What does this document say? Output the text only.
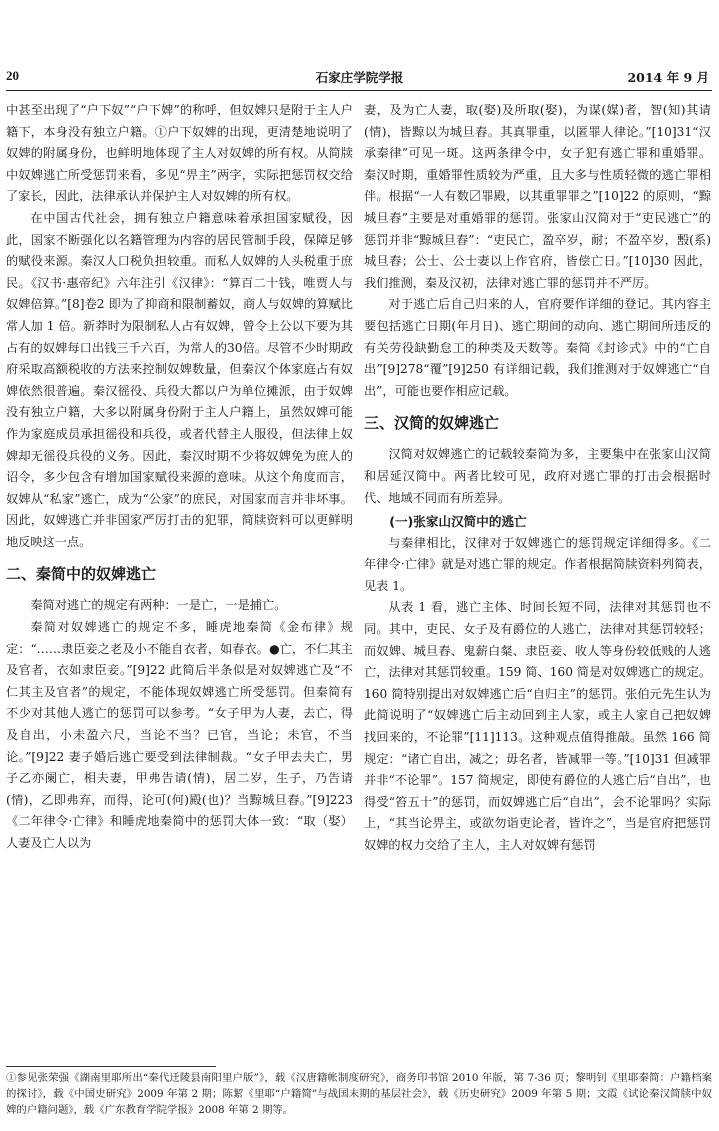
20	石家庄学院学报	2014 年 9 月

中甚至出现了“户下奴”“户下婢”的称呼，但奴婢只是附于主人户籍下，本身没有独立户籍。①户下奴婢的出现，更清楚地说明了奴婢的附属身份，也鲜明地体现了主人对奴婢的所有权。从简牍中奴婢逃亡所受惩罚来看，多见“畀主”两字，实际把惩罚权交给了家长，因此，法律承认并保护主人对奴婢的所有权。

在中国古代社会，拥有独立户籍意味着承担国家赋役，因此，国家不断强化以名籍管理为内容的居民管制手段，保障足够的赋役来源。秦汉人口税负担较重。而私人奴婢的人头税重于庶民。《汉书·惠帝纪》六年注引《汉律》：“算百二十钱，唯贾人与奴婢倍算。”[8]卷2 即为了抑商和限制蓄奴，商人与奴婢的算赋比常人加 1 倍。新莽时为限制私人占有奴婢，曾令上公以下要为其占有的奴婢每口出钱三千六百，为常人的30倍。尽管不少时期政府采取高额税收的方法来控制奴婢数量，但秦汉个体家庭占有奴婢依然很普遍。秦汉徭役、兵役大都以户为单位摊派，由于奴婢没有独立户籍，大多以附属身份附于主人户籍上，虽然奴婢可能作为家庭成员承担徭役和兵役，或者代替主人服役，但法律上奴婢却无徭役兵役的义务。因此，秦汉时期不少将奴婢免为庶人的诏令，多少包含有增加国家赋役来源的意味。从这个角度而言，奴婢从“私家”逃亡，成为“公家”的庶民，对国家而言并非坏事。因此，奴婢逃亡并非国家严厉打击的犯罪，简牍资料可以更鲜明地反映这一点。

二、秦简中的奴婢逃亡

秦简对逃亡的规定有两种：一是亡，一是捕亡。

秦简对奴婢逃亡的规定不多，睡虎地秦简《金布律》规定：“……隶臣妾之老及小不能自衣者，如春衣。●亡，不仁其主及官者，衣如隶臣妾。”[9]22 此简后半条似是对奴婢逃亡及“不仁其主及官者”的规定，不能体现奴婢逃亡所受惩罚。但秦简有不少对其他人逃亡的惩罚可以参考。“女子甲为人妻，去亡，得及自出，小未盈六尺，当论不当？已官，当论；未官，不当论。”[9]22 妻子婚后逃亡要受到法律制裁。“女子甲去夫亡，男子乙亦阑亡，相夫妻，甲弗告请(情)，居二岁，生子，乃告请(情)，乙即弗弃，而得，论可(何)殿(也)？当黥城旦舂。”[9]223《二年律令·亡律》和睡虎地秦简中的惩罚大体一致：“取（娶）人妻及亡人以为

妻，及为亡人妻，取(娶)及所取(娶)，为谋(媒)者，智(知)其请(情)，皆黥以为城旦舂。其真罪重，以匿罪人律论。”[10]31“汉承秦律”可见一斑。这两条律令中，女子犯有逃亡罪和重婚罪。秦汉时期，重婚罪性质较为严重，且大多与性质轻微的逃亡罪相伴。根据“一人有数〼罪殿，以其重罪罪之”[10]22 的原则，“黥城旦舂”主要是对重婚罪的惩罚。张家山汉简对于“吏民逃亡”的惩罚并非“黥城旦舂”：“吏民亡，盈卒岁，耐；不盈卒岁，毄(系)城旦舂；公士、公士妻以上作官府，皆偿亡日。”[10]30 因此，我们推测，秦及汉初，法律对逃亡罪的惩罚并不严厉。

对于逃亡后自己归来的人，官府要作详细的登记。其内容主要包括逃亡日期(年月日)、逃亡期间的动向、逃亡期间所违反的有关劳役缺勤怠工的种类及天数等。秦简《封诊式》中的“亡自出”[9]278“覆”[9]250 有详细记载，我们推测对于奴婢逃亡“自出”，可能也要作相应记载。

三、汉简的奴婢逃亡

汉简对奴婢逃亡的记载较秦简为多，主要集中在张家山汉简和居延汉简中。两者比较可见，政府对逃亡罪的打击会根据时代、地域不同而有所差异。

(一)张家山汉简中的逃亡

与秦律相比，汉律对于奴婢逃亡的惩罚规定详细得多。《二年律令·亡律》就是对逃亡罪的规定。作者根据简牍资料列简表，见表 1。

从表 1 看，逃亡主体、时间长短不同，法律对其惩罚也不同。其中，吏民、女子及有爵位的人逃亡，法律对其惩罚较轻；而奴婢、城旦舂、鬼薪白粲、隶臣妾、收人等身份较低贱的人逃亡，法律对其惩罚较重。159 简、160 简是对奴婢逃亡的规定。160 简特别提出对奴婢逃亡后“自归主”的惩罚。张伯元先生认为此简说明了“奴婢逃亡后主动回到主人家，或主人家自己把奴婢找回来的，不论罪”[11]113。这种观点值得推敲。虽然 166 简规定：“诸亡自出，减之；毋名者，皆减罪一等。”[10]31 但减罪并非“不论罪”。157 简规定，即使有爵位的人逃亡后“自出”，也得受“笞五十”的惩罚，而奴婢逃亡后“自出”，会不论罪吗？实际上，“其当论畀主，或欲勿诣吏论者，皆许之”，当是官府把惩罚奴婢的权力交给了主人，主人对奴婢有惩罚

①参见张荣强《湖南里耶所出“秦代迁陵县南阳里户版”》，载《汉唐籍帐制度研究》，商务印书馆 2010 年版，第 7-36 页；黎明钊《里耶秦简：户籍档案的探讨》，载《中国史研究》2009 年第 2 期；陈絜《里耶“户籍简”与战国末期的基层社会》，载《历史研究》2009 年第 5 期；文霞《试论秦汉简牍中奴婢的户籍问题》，载《广东教育学院学报》2008 年第 2 期等。
